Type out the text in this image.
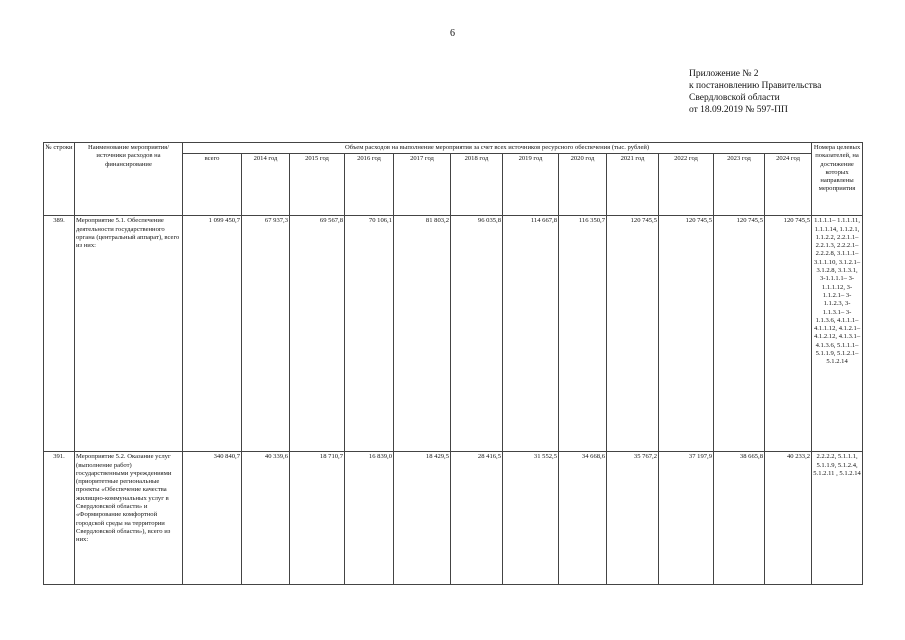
6
Приложение № 2
к постановлению Правительства
Свердловской области
от 18.09.2019 № 597-ПП
№ строки	Наименование мероприятия/ источники расходов на финансирование	Объем расходов на выполнение мероприятия за счет всех источников ресурсного обеспечения (тыс. рублей)												Номера целевых показателей, на достижение которых направлены мероприятия
		всего	2014 год	2015 год	2016 год	2017 год	2018 год	2019 год	2020 год	2021 год	2022 год	2023 год	2024 год	
389.	Мероприятие 5.1. Обеспечение деятельности государственного органа (центральный аппарат), всего из них:	1 099 450,7	67 937,3	69 567,8	70 106,1	81 803,2	96 035,8	114 667,8	116 350,7	120 745,5	120 745,5	120 745,5	120 745,5	1.1.1.1– 1.1.1.11, 1.1.1.14, 1.1.2.1, 1.1.2.2, 2.2.1.1– 2.2.1.3, 2.2.2.1–2.2.2.8, 3.1.1.1– 3.1.1.10, 3.1.2.1–3.1.2.8, 3.1.3.1, 3-1.1.1.1– 3-1.1.1.12, 3-1.1.2.1– 3-1.1.2.3, 3-1.1.3.1– 3-1.1.3.6, 4.1.1.1– 4.1.1.12, 4.1.2.1– 4.1.2.12, 4.1.3.1–4.1.3.6, 5.1.1.1–5.1.1.9, 5.1.2.1– 5.1.2.14
391.	Мероприятие 5.2. Оказание услуг (выполнение работ) государственными учреждениями (приоритетные региональные проекты «Обеспечение качества жилищно-коммунальных услуг в Свердловской области» и «Формирование комфортной городской среды на территории Свердловской области»), всего из них:	340 840,7	40 339,6	18 710,7	16 839,0	18 429,5	28 416,5	31 552,5	34 668,6	35 767,2	37 197,9	38 665,8	40 233,2	2.2.2.2, 5.1.1.1, 5.1.1.9, 5.1.2.4, 5.1.2.11 , 5.1.2.14
